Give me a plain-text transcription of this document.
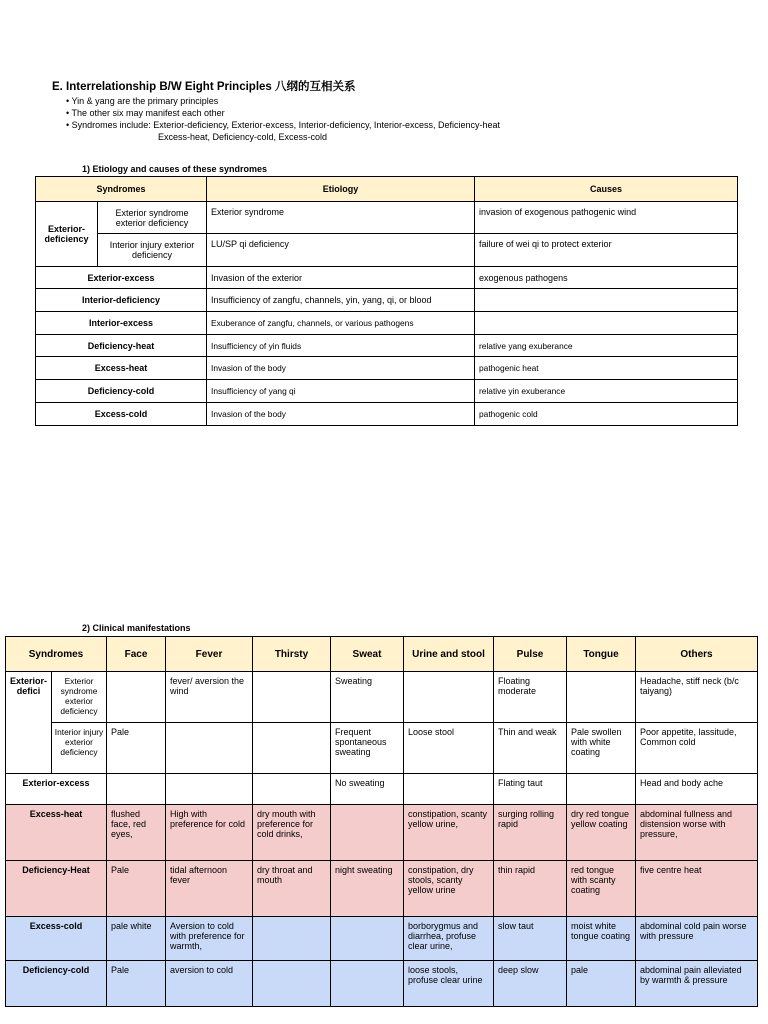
E. Interrelationship B/W Eight Principles 八纲的互相关系
• Yin & yang are the primary principles
• The other six may manifest each other
• Syndromes include: Exterior-deficiency, Exterior-excess, Interior-deficiency, Interior-excess, Deficiency-heat
Excess-heat, Deficiency-cold, Excess-cold
1) Etiology and causes of these syndromes
Syndromes		Etiology	Causes
Exterior-deficiency	Exterior syndrome exterior deficiency	Exterior syndrome	invasion of exogenous pathogenic wind
	Interior injury exterior deficiency	LU/SP qi deficiency	failure of wei qi to protect exterior
Exterior-excess		Invasion of the exterior	exogenous pathogens
Interior-deficiency		Insufficiency of zangfu, channels, yin, yang, qi, or blood	
Interior-excess		Exuberance of zangfu, channels, or various pathogens	
Deficiency-heat		Insufficiency of yin fluids	relative yang exuberance
Excess-heat		Invasion of the body	pathogenic heat
Deficiency-cold		Insufficiency of yang qi	relative yin exuberance
Excess-cold		Invasion of the body	pathogenic cold
2) Clinical manifestations
Syndromes		Face	Fever	Thirsty	Sweat	Urine and stool	Pulse	Tongue	Others
Exterior-defici	Exterior syndrome exterior deficiency		fever/ aversion the wind		Sweating		Floating moderate		Headache, stiff neck (b/c taiyang)
	Interior injury exterior deficiency	Pale			Frequent spontaneous sweating	Loose stool	Thin and weak	Pale swollen with white coating	Poor appetite, lassitude, Common cold
Exterior-excess					No sweating		Flating taut		Head and body ache
Excess-heat		flushed face, red eyes,	High with preference for cold	dry mouth with preference for cold drinks,		constipation, scanty yellow urine,	surging rolling rapid	dry red tongue yellow coating	abdominal fullness and distension worse with pressure,
Deficiency-Heat		Pale	tidal afternoon fever	dry throat and mouth	night sweating	constipation, dry stools, scanty yellow urine	thin rapid	red tongue with scanty coating	five centre heat
Excess-cold		pale white	Aversion to cold with preference for warmth,			borborygmus and diarrhea, profuse clear urine,	slow taut	moist white tongue coating	abdominal cold pain worse with pressure
Deficiency-cold		Pale	aversion to cold			loose stools, profuse clear urine	deep slow	pale	abdominal pain alleviated by warmth & pressure
